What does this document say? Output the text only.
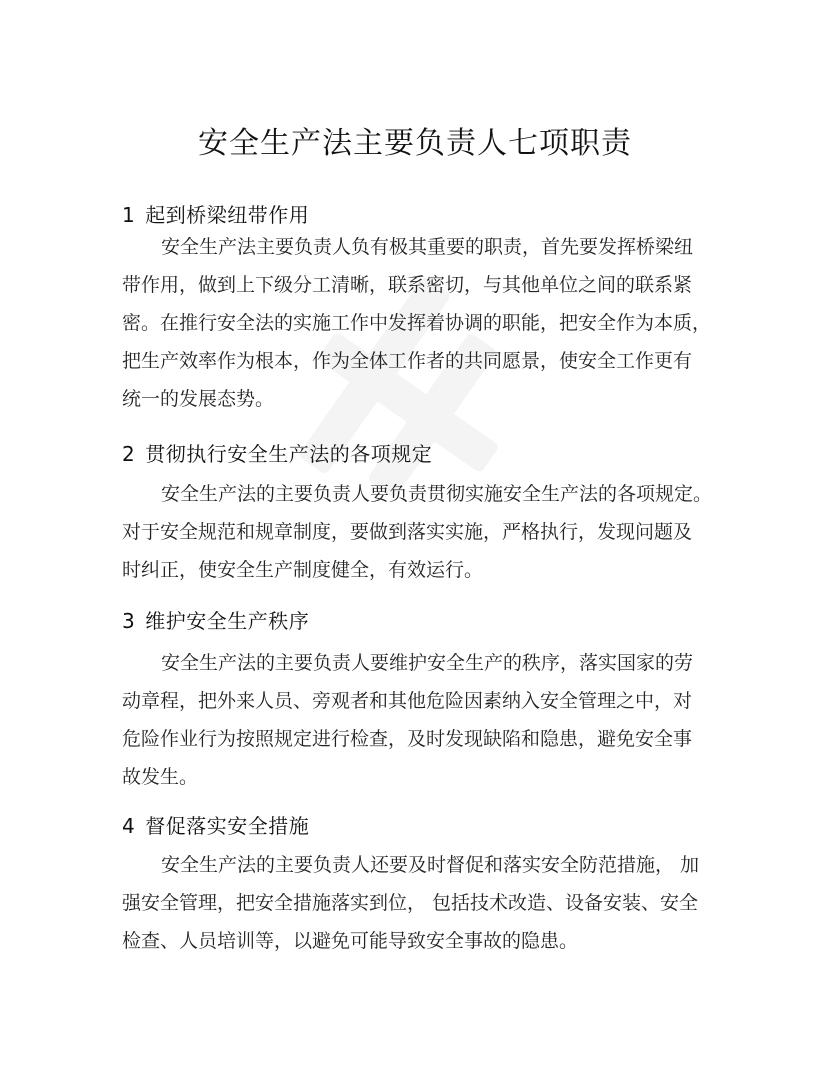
安全生产法主要负责人七项职责
1 起到桥梁纽带作用

安全生产法主要负责人负有极其重要的职责，首先要发挥桥梁纽
带作用，做到上下级分工清晰，联系密切，与其他单位之间的联系紧
密。在推行安全法的实施工作中发挥着协调的职能，把安全作为本质，
把生产效率作为根本，作为全体工作者的共同愿景，使安全工作更有
统一的发展态势。

2 贯彻执行安全生产法的各项规定

安全生产法的主要负责人要负责贯彻实施安全生产法的各项规定。
对于安全规范和规章制度，要做到落实实施，严格执行，发现问题及
时纠正，使安全生产制度健全，有效运行。

3 维护安全生产秩序

安全生产法的主要负责人要维护安全生产的秩序，落实国家的劳
动章程，把外来人员、旁观者和其他危险因素纳入安全管理之中，对
危险作业行为按照规定进行检查，及时发现缺陷和隐患，避免安全事
故发生。

4 督促落实安全措施

安全生产法的主要负责人还要及时督促和落实安全防范措施， 加
强安全管理，把安全措施落实到位， 包括技术改造、设备安装、安全
检查、人员培训等，以避免可能导致安全事故的隐患。
